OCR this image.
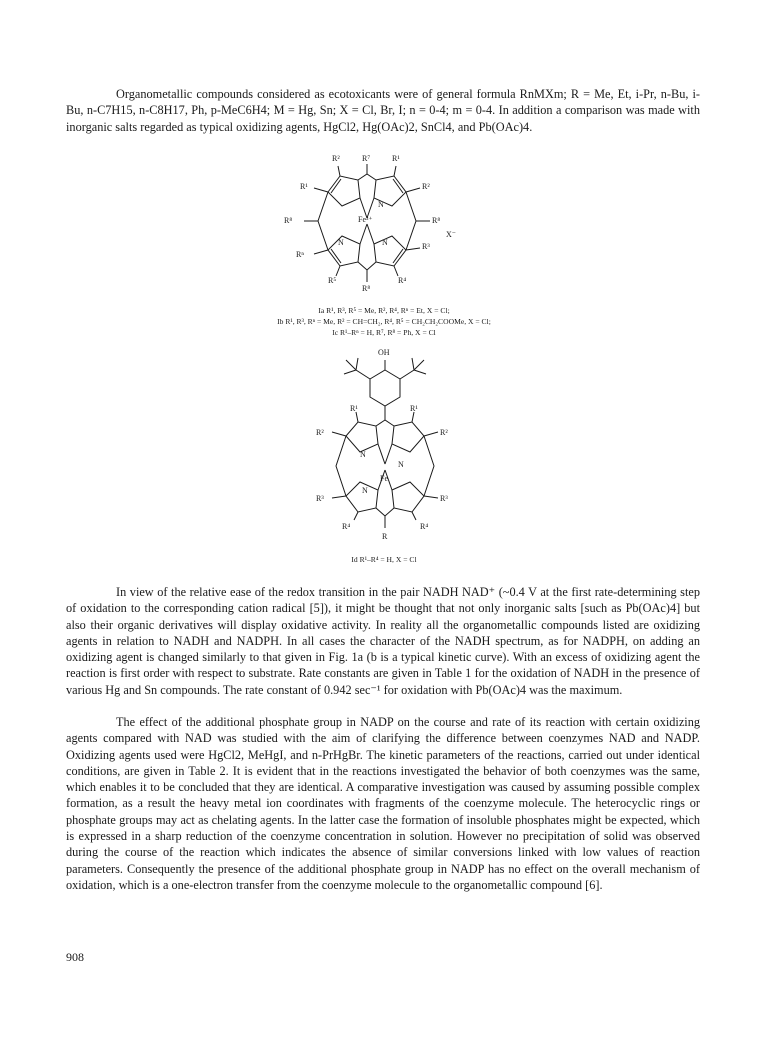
Organometallic compounds considered as ecotoxicants were of general formula RnMXm; R = Me, Et, i-Pr, n-Bu, i-Bu, n-C7H15, n-C8H17, Ph, p-MeC6H4; M = Hg, Sn; X = Cl, Br, I; n = 0-4; m = 0-4. In addition a comparison was made with inorganic salts regarded as typical oxidizing agents, HgCl2, Hg(OAc)2, SnCl4, and Pb(OAc)4.

R²	R⁷	R¹
R¹	R²
N
Fe³⁺
R⁸	R⁸
X⁻
N	N
Rⁿ
R³
R⁵	R⁴
R⁸
Ia R¹, R³, R⁵ = Me, R², R⁴, Rⁿ = Et, X = Cl;
Ib R¹, R³, Rⁿ = Me, R² = CH=CH₂, R⁴, R⁵ = CH₂CH₂COOMe, X = Cl;
Ic R¹–Rⁿ = H, R⁷, R⁸ = Ph, X = Cl
OH
R¹	R¹
R²	R²
N
N
Fe
N
R³	R³
R⁴	R⁴
R
Id R¹–R⁴ = H, X = Cl

In view of the relative ease of the redox transition in the pair NADH NAD⁺ (~0.4 V at the first rate-determining step of oxidation to the corresponding cation radical [5]), it might be thought that not only inorganic salts [such as Pb(OAc)4] but also their organic derivatives will display oxidative activity. In reality all the organometallic compounds listed are oxidizing agents in relation to NADH and NADPH. In all cases the character of the NADH spectrum, as for NADPH, on adding an oxidizing agent is changed similarly to that given in Fig. 1a (b is a typical kinetic curve). With an excess of oxidizing agent the reaction is first order with respect to substrate. Rate constants are given in Table 1 for the oxidation of NADH in the presence of various Hg and Sn compounds. The rate constant of 0.942 sec⁻¹ for oxidation with Pb(OAc)4 was the maximum.

The effect of the additional phosphate group in NADP on the course and rate of its reaction with certain oxidizing agents compared with NAD was studied with the aim of clarifying the difference between coenzymes NAD and NADP. Oxidizing agents used were HgCl2, MeHgI, and n-PrHgBr. The kinetic parameters of the reactions, carried out under identical conditions, are given in Table 2. It is evident that in the reactions investigated the behavior of both coenzymes was the same, which enables it to be concluded that they are identical. A comparative investigation was caused by assuming possible complex formation, as a result the heavy metal ion coordinates with fragments of the coenzyme molecule. The heterocyclic rings or phosphate groups may act as chelating agents. In the latter case the formation of insoluble phosphates might be expected, which is expressed in a sharp reduction of the coenzyme concentration in solution. However no precipitation of solid was observed during the course of the reaction which indicates the absence of similar conversions linked with low values of reaction parameters. Consequently the presence of the additional phosphate group in NADP has no effect on the overall mechanism of oxidation, which is a one-electron transfer from the coenzyme molecule to the organometallic compound [6].

908
